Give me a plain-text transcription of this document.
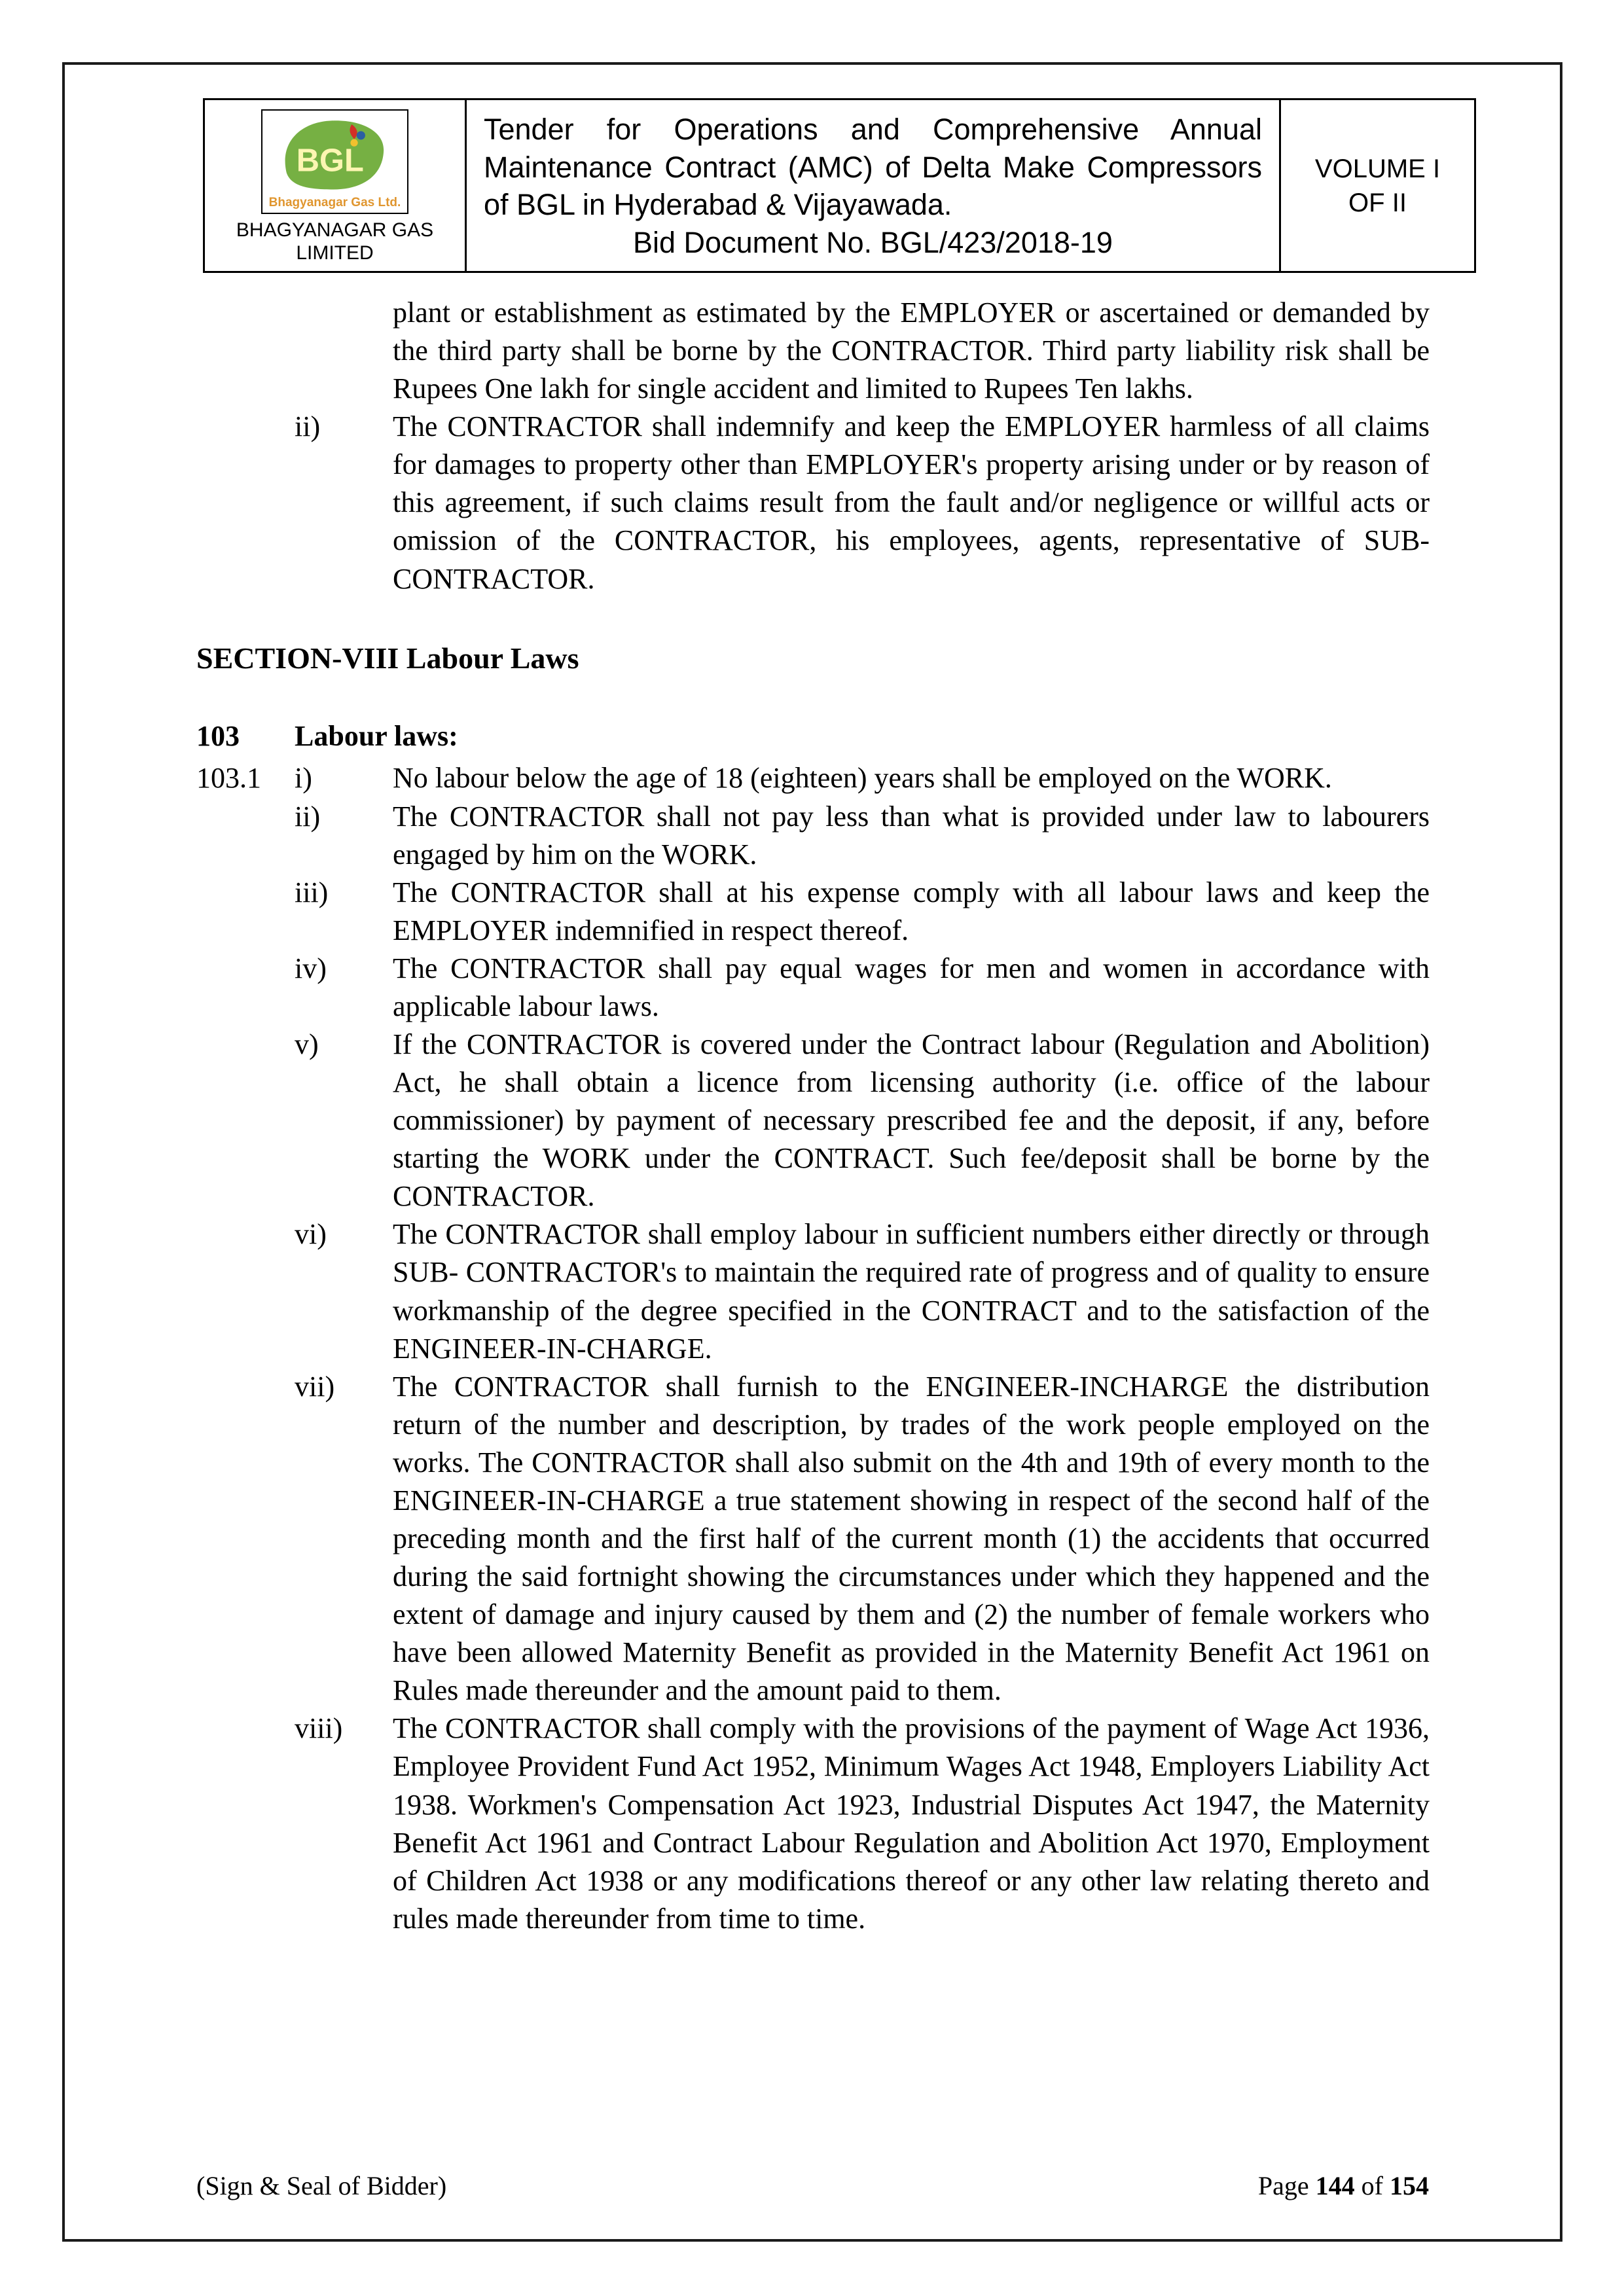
BGL
Bhagyanagar Gas Ltd.
BHAGYANAGAR GAS
LIMITED
Tender for Operations and Comprehensive Annual Maintenance Contract (AMC) of Delta Make Compressors of BGL in Hyderabad & Vijayawada.
Bid Document No. BGL/423/2018-19
VOLUME I
OF II
plant or establishment as estimated by the EMPLOYER or ascertained or demanded by the third party shall be borne by the CONTRACTOR. Third party liability risk shall be Rupees One lakh for single accident and limited to Rupees Ten lakhs.
ii)	The CONTRACTOR shall indemnify and keep the EMPLOYER harmless of all claims for damages to property other than EMPLOYER's property arising under or by reason of this agreement, if such claims result from the fault and/or negligence or willful acts or omission of the CONTRACTOR, his employees, agents, representative of SUB-CONTRACTOR.
SECTION-VIII Labour Laws
103	Labour laws:
103.1	i)	No labour below the age of 18 (eighteen) years shall be employed on the WORK.
ii)	The CONTRACTOR shall not pay less than what is provided under law to labourers engaged by him on the WORK.
iii)	The CONTRACTOR shall at his expense comply with all labour laws and keep the EMPLOYER indemnified in respect thereof.
iv)	The CONTRACTOR shall pay equal wages for men and women in accordance with applicable labour laws.
v)	If the CONTRACTOR is covered under the Contract labour (Regulation and Abolition) Act, he shall obtain a licence from licensing authority (i.e. office of the labour commissioner) by payment of necessary prescribed fee and the deposit, if any, before starting the WORK under the CONTRACT. Such fee/deposit shall be borne by the CONTRACTOR.
vi)	The CONTRACTOR shall employ labour in sufficient numbers either directly or through SUB- CONTRACTOR's to maintain the required rate of progress and of quality to ensure workmanship of the degree specified in the CONTRACT and to the satisfaction of the ENGINEER-IN-CHARGE.
vii)	The CONTRACTOR shall furnish to the ENGINEER-INCHARGE the distribution return of the number and description, by trades of the work people employed on the works. The CONTRACTOR shall also submit on the 4th and 19th of every month to the ENGINEER-IN-CHARGE a true statement showing in respect of the second half of the preceding month and the first half of the current month (1) the accidents that occurred during the said fortnight showing the circumstances under which they happened and the extent of damage and injury caused by them and (2) the number of female workers who have been allowed Maternity Benefit as provided in the Maternity Benefit Act 1961 on Rules made thereunder and the amount paid to them.
viii)	The CONTRACTOR shall comply with the provisions of the payment of Wage Act 1936, Employee Provident Fund Act 1952, Minimum Wages Act 1948, Employers Liability Act 1938. Workmen's Compensation Act 1923, Industrial Disputes Act 1947, the Maternity Benefit Act 1961 and Contract Labour Regulation and Abolition Act 1970, Employment of Children Act 1938 or any modifications thereof or any other law relating thereto and rules made thereunder from time to time.
(Sign & Seal of Bidder)	Page 144 of 154
